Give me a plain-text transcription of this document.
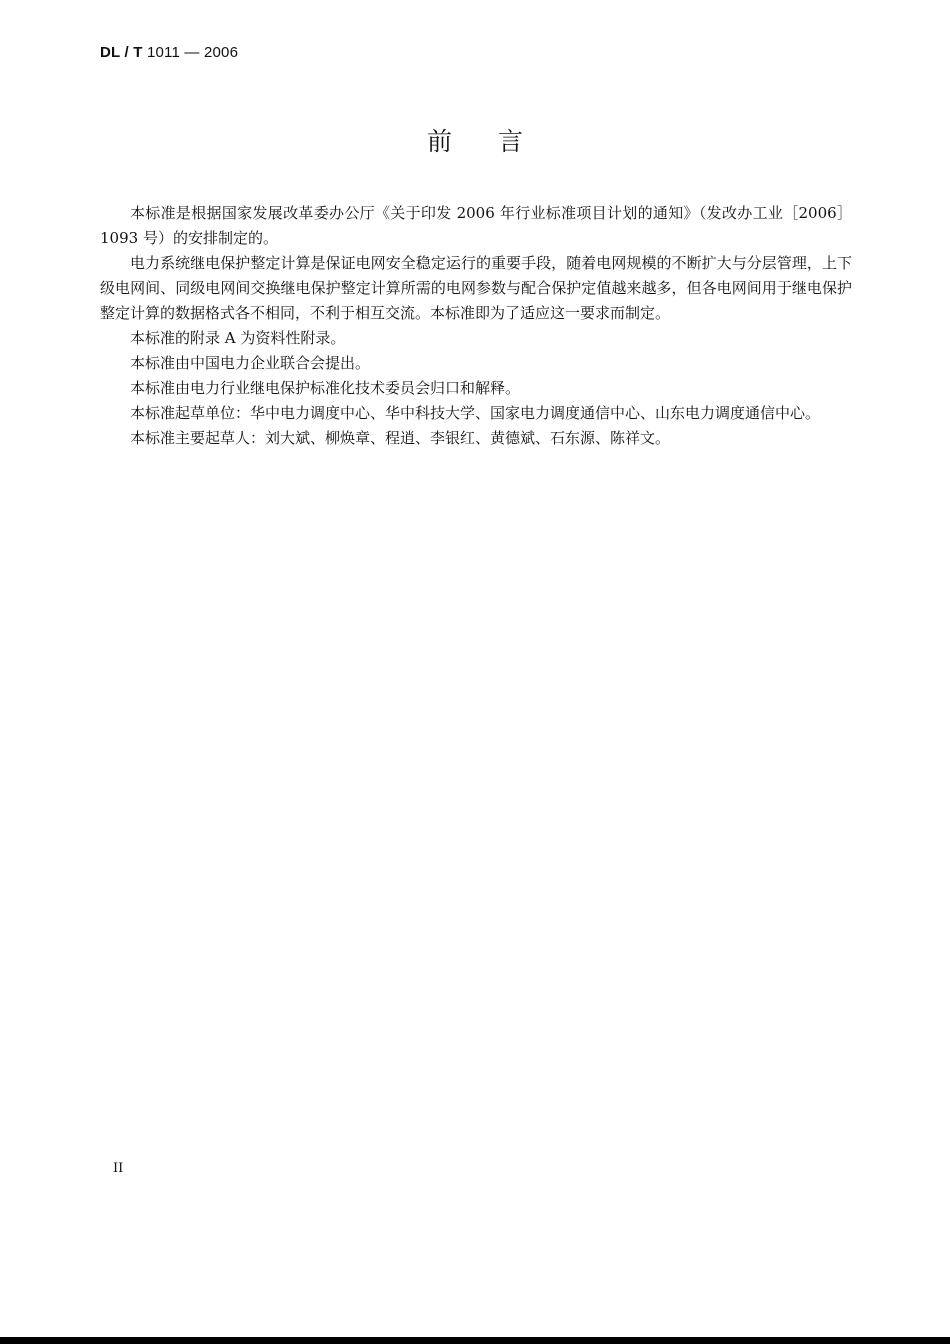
DL / T 1011 — 2006
前言

本标准是根据国家发展改革委办公厅《关于印发 2006 年行业标准项目计划的通知》（发改办工业［2006］1093 号）的安排制定的。

电力系统继电保护整定计算是保证电网安全稳定运行的重要手段，随着电网规模的不断扩大与分层管理，上下级电网间、同级电网间交换继电保护整定计算所需的电网参数与配合保护定值越来越多，但各电网间用于继电保护整定计算的数据格式各不相同，不利于相互交流。本标准即为了适应这一要求而制定。

本标准的附录 A 为资料性附录。

本标准由中国电力企业联合会提出。

本标准由电力行业继电保护标准化技术委员会归口和解释。

本标准起草单位：华中电力调度中心、华中科技大学、国家电力调度通信中心、山东电力调度通信中心。

本标准主要起草人：刘大斌、柳焕章、程逍、李银红、黄德斌、石东源、陈祥文。

II
